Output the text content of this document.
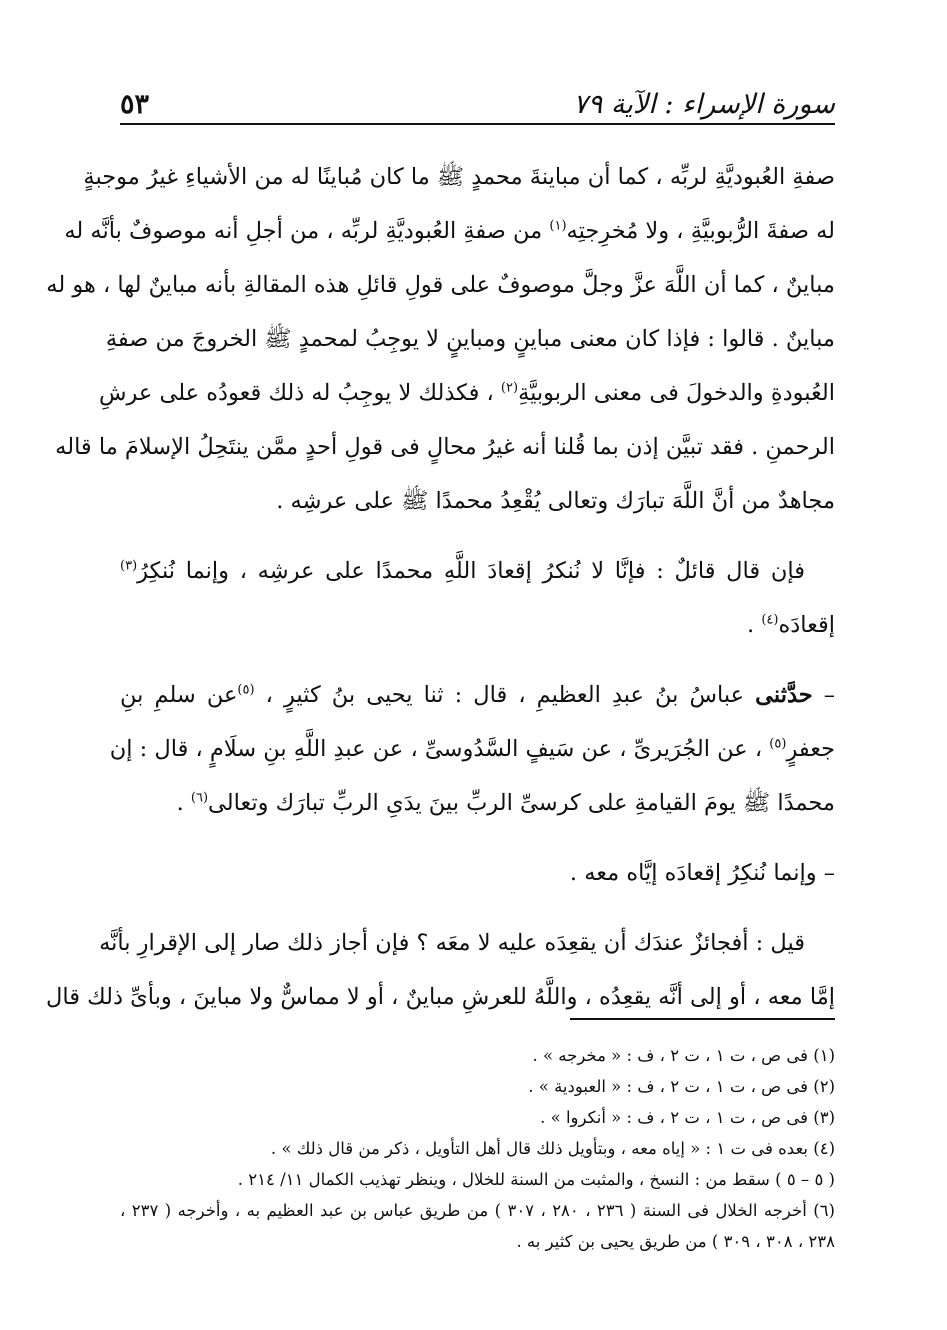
٥٣	سورة الإسراء : الآية ٧٩
صفةِ العُبوديَّةِ لربِّه ، كما أن مباينةَ محمدٍ ﷺ ما كان مُباينًا له من الأشياءِ غيرُ موجبةٍ
له صفةَ الرُّبوبيَّةِ ، ولا مُخرِجتِه$^{(١)}$ من صفةِ العُبوديَّةِ لربِّه ، من أجلِ أنه موصوفٌ بأنَّه له
مباينٌ ، كما أن اللَّهَ عزَّ وجلَّ موصوفٌ على قولِ قائلِ هذه المقالةِ بأنه مباينٌ لها ، هو له
مباينٌ . قالوا : فإذا كان معنى مباينٍ ومباينٍ لا يوجِبُ لمحمدٍ ﷺ الخروجَ من صفةِ
العُبودةِ والدخولَ فى معنى الربوبيَّةِ$^{(٢)}$ ، فكذلك لا يوجِبُ له ذلك قعودُه على عرشِ
الرحمنِ . فقد تبيَّن إذن بما قُلنا أنه غيرُ محالٍ فى قولِ أحدٍ ممَّن ينتَحِلُ الإسلامَ ما قاله
مجاهدٌ من أنَّ اللَّهَ تبارَك وتعالى يُقْعِدُ محمدًا ﷺ على عرشِه .
فإن قال قائلٌ : فإنَّا لا نُنكرُ إقعادَ اللَّهِ محمدًا على عرشِه ، وإنما نُنكِرُ$^{(٣)}$
إقعادَه$^{(٤)}$ .
– حدَّثنى عباسُ بنُ عبدِ العظيمِ ، قال : ثنا يحيى بنُ كثيرٍ ، $^{(٥)}$عن سلمِ بنِ
جعفرٍ$^{(٥)}$ ، عن الجُرَيرىِّ ، عن سَيفٍ السَّدُوسىِّ ، عن عبدِ اللَّهِ بنِ سلَامٍ ، قال : إن
محمدًا ﷺ يومَ القيامةِ على كرسىِّ الربِّ بينَ يدَىِ الربِّ تبارَك وتعالى$^{(٦)}$ .
– وإنما نُنكِرُ إقعادَه إيَّاه معه .
قيل : أفجائزٌ عندَك أن يقعِدَه عليه لا معَه ؟ فإن أجاز ذلك صار إلى الإقرارِ بأنَّه
إمَّا معه ، أو إلى أنَّه يقعِدُه ، واللَّهُ للعرشِ مباينٌ ، أو لا مماسٌّ ولا مباينَ ، وبأىِّ ذلك قال
(١) فى ص ، ت ١ ، ت ٢ ، ف : « مخرجه » .
(٢) فى ص ، ت ١ ، ت ٢ ، ف : « العبودية » .
(٣) فى ص ، ت ١ ، ت ٢ ، ف : « أنكروا » .
(٤) بعده فى ت ١ : « إياه معه ، وبتأويل ذلك قال أهل التأويل ، ذكر من قال ذلك » .
( ٥ – ٥ ) سقط من : النسخ ، والمثبت من السنة للخلال ، وينظر تهذيب الكمال ١١/ ٢١٤ .
(٦) أخرجه الخلال فى السنة ( ٢٣٦ ، ٢٨٠ ، ٣٠٧ ) من طريق عباس بن عبد العظيم به ، وأخرجه ( ٢٣٧ ،
٢٣٨ ، ٣٠٨ ، ٣٠٩ ) من طريق يحيى بن كثير به .
